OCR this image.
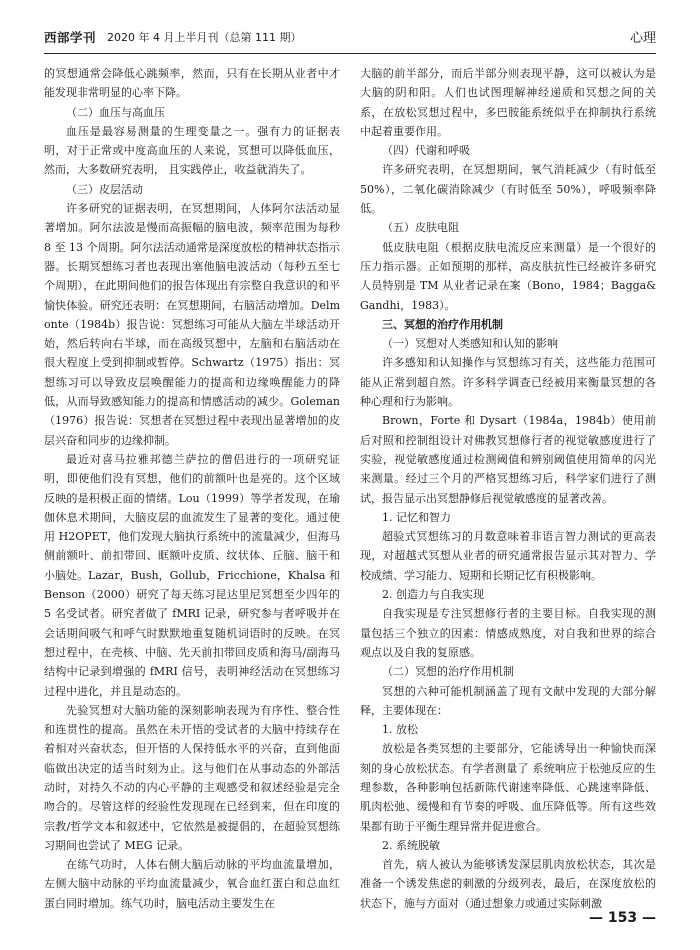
西部学刊 2020 年 4 月上半月刊（总第 111 期）	心理

的冥想通常会降低心跳频率，然而，只有在长期从业者中才能发现非常明显的心率下降。

（二）血压与高血压

血压是最容易测量的生理变量之一。强有力的证据表明，对于正常或中度高血压的人来说，冥想可以降低血压，然而，大多数研究表明， 且实践停止，收益就消失了。

（三）皮层活动

许多研究的证据表明，在冥想期间，人体阿尔法活动显著增加。阿尔法波是慢而高振幅的脑电波，频率范围为每秒 8 至 13 个周期。阿尔法活动通常是深度放松的精神状态指示器。长期冥想练习者也表现出塞他脑电波活动（每秒五至七个周期），在此期间他们的报告体现出有宗整自我意识的和平愉快体验。研究还表明：在冥想期间，右脑活动增加。Delmonte（1984b）报告说：冥想练习可能从大脑左半球活动开始，然后转向右半球，而在高级冥想中，左脑和右脑活动在很大程度上受到抑制或暂停。Schwartz（1975）指出：冥想练习可以导致皮层唤醒能力的提高和边缘唤醒能力的降低，从而导致感知能力的提高和情感活动的减少。Goleman（1976）报告说：冥想者在冥想过程中表现出显著增加的皮层兴奋和同步的边缘抑制。

最近对喜马拉雅邦德兰萨拉的僧侣进行的一项研究证明，即使他们没有冥想，他们的前额叶也是亮的。这个区域反映的是积极正面的情绪。Lou（1999）等学者发现，在瑜伽休息术期间，大脑皮层的血流发生了显著的变化。通过使用 H2OPET，他们发现大脑执行系统中的流量减少，但海马侧前额叶、前扣带回、眶额叶皮质、纹状体、丘脑、脑干和小脑处。Lazar，Bush，Gollub，Fricchione，Khalsa 和 Benson（2000）研究了每天练习昆达里尼冥想至少四年的 5 名受试者。研究者做了 fMRI 记录，研究参与者呼吸并在会话期间吸气和呼气时默默地重复随机词语时的反映。在冥想过程中，在壳核、中脑、先天前扣带回皮质和海马/副海马结构中记录到增强的 fMRI 信号，表明神经活动在冥想练习过程中进化，并且是动态的。

先验冥想对大脑功能的深刻影响表现为有序性、整合性和连贯性的提高。虽然在未开悟的受试者的大脑中持续存在着相对兴奋状态，但开悟的人保持低水平的兴奋，直到他面临做出决定的适当时刻为止。这与他们在从事动态的外部活动时，对持久不动的内心平静的主观感受和叙述经验是完全吻合的。尽管这样的经验性发现现在已经到来，但在印度的宗教/哲学文本和叙述中，它依然是被提倡的，在超验冥想练习期间也尝试了 MEG 记录。

在练气功时，人体右侧大脑后动脉的平均血流量增加，左侧大脑中动脉的平均血流量减少，氧合血红蛋白和总血红蛋白同时增加。练气功时，脑电活动主要发生在

大脑的前半部分，而后半部分则表现平静，这可以被认为是大脑的阴和阳。人们也试图理解神经递质和冥想之间的关系，在放松冥想过程中，多巴胺能系统似乎在抑制执行系统中起着重要作用。

（四）代谢和呼吸

许多研究表明，在冥想期间，氧气消耗减少（有时低至 50%），二氧化碳消除减少（有时低至 50%），呼吸频率降低。

（五）皮肤电阻

低皮肤电阻（根据皮肤电流反应来测量）是一个很好的压力指示器。正如预期的那样，高皮肤抗性已经被许多研究人员特别是 TM 从业者记录在案（Bono，1984；Bagga&Gandhi，1983）。

三、冥想的治疗作用机制
（一）冥想对人类感知和认知的影响

许多感知和认知操作与冥想练习有关，这些能力范围可能从正常到超自然。许多科学调查已经被用来衡量冥想的各种心理和行为影响。

Brown，Forte 和 Dysart（1984a，1984b）使用前后对照和控制组设计对佛教冥想修行者的视觉敏感度进行了实验，视觉敏感度通过检测阈值和辨别阈值使用简单的闪光来测量。经过三个月的严格冥想练习后，科学家们进行了测试，报告显示出冥想静修后视觉敏感度的显著改善。

1. 记忆和智力

超验式冥想练习的月数意味着非语言智力测试的更高表现，对超越式冥想从业者的研究通常报告显示其对智力、学校成绩、学习能力、短期和长期记忆有积极影响。

2. 创造力与自我实现

自我实现是专注冥想修行者的主要目标。自我实现的测量包括三个独立的因素：情感成熟度，对自我和世界的综合观点以及自我的复原感。

（二）冥想的治疗作用机制

冥想的六种可能机制涵盖了现有文献中发现的大部分解释，主要体现在：

1. 放松

放松是各类冥想的主要部分，它能诱导出一种愉快而深刻的身心放松状态。有学者测量了 系统响应于松弛反应的生理参数，各种影响包括新陈代谢速率降低、心跳速率降低、肌肉松弛、缓慢和有节奏的呼吸、血压降低等。所有这些效果都有助于平衡生理异常并促进愈合。

2. 系统脱敏

首先，病人被认为能够诱发深层肌肉放松状态，其次是准备一个诱发焦虑的刺激的分级列表，最后，在深度放松的状态下，施与方面对（通过想象力或通过实际刺激

— 153 —
